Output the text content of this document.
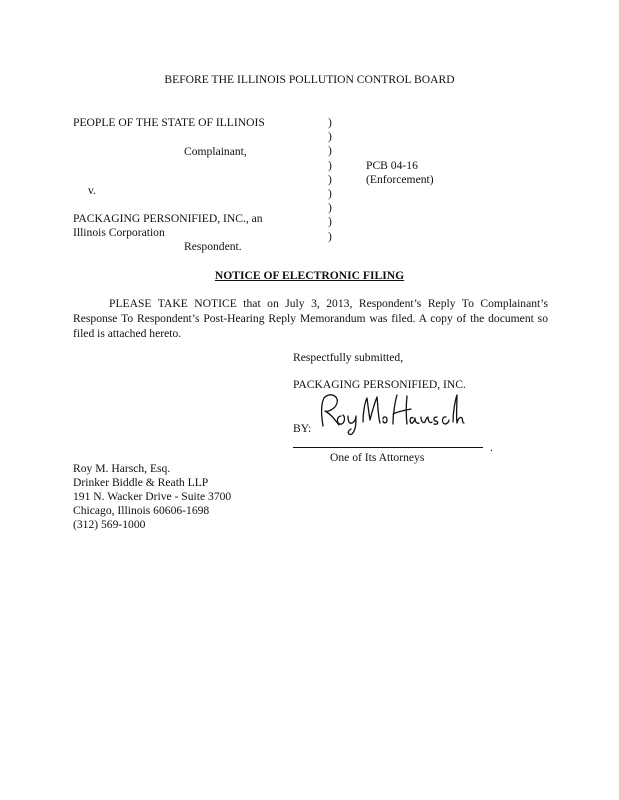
BEFORE THE ILLINOIS POLLUTION CONTROL BOARD
PEOPLE OF THE STATE OF ILLINOIS
Complainant,
v.
PACKAGING PERSONIFIED, INC., an
Illinois Corporation
Respondent.
)
)
)
)
)
)
)
)
)
PCB 04-16
(Enforcement)
NOTICE OF ELECTRONIC FILING
PLEASE TAKE NOTICE that on July 3, 2013, Respondent’s Reply To Complainant’s Response To Respondent’s Post-Hearing Reply Memorandum was filed. A copy of the document so filed is attached hereto.
Respectfully submitted,
PACKAGING PERSONIFIED, INC.
BY:
.
One of Its Attorneys
Roy M. Harsch, Esq.
Drinker Biddle & Reath LLP
191 N. Wacker Drive - Suite 3700
Chicago, Illinois 60606-1698
(312) 569-1000
